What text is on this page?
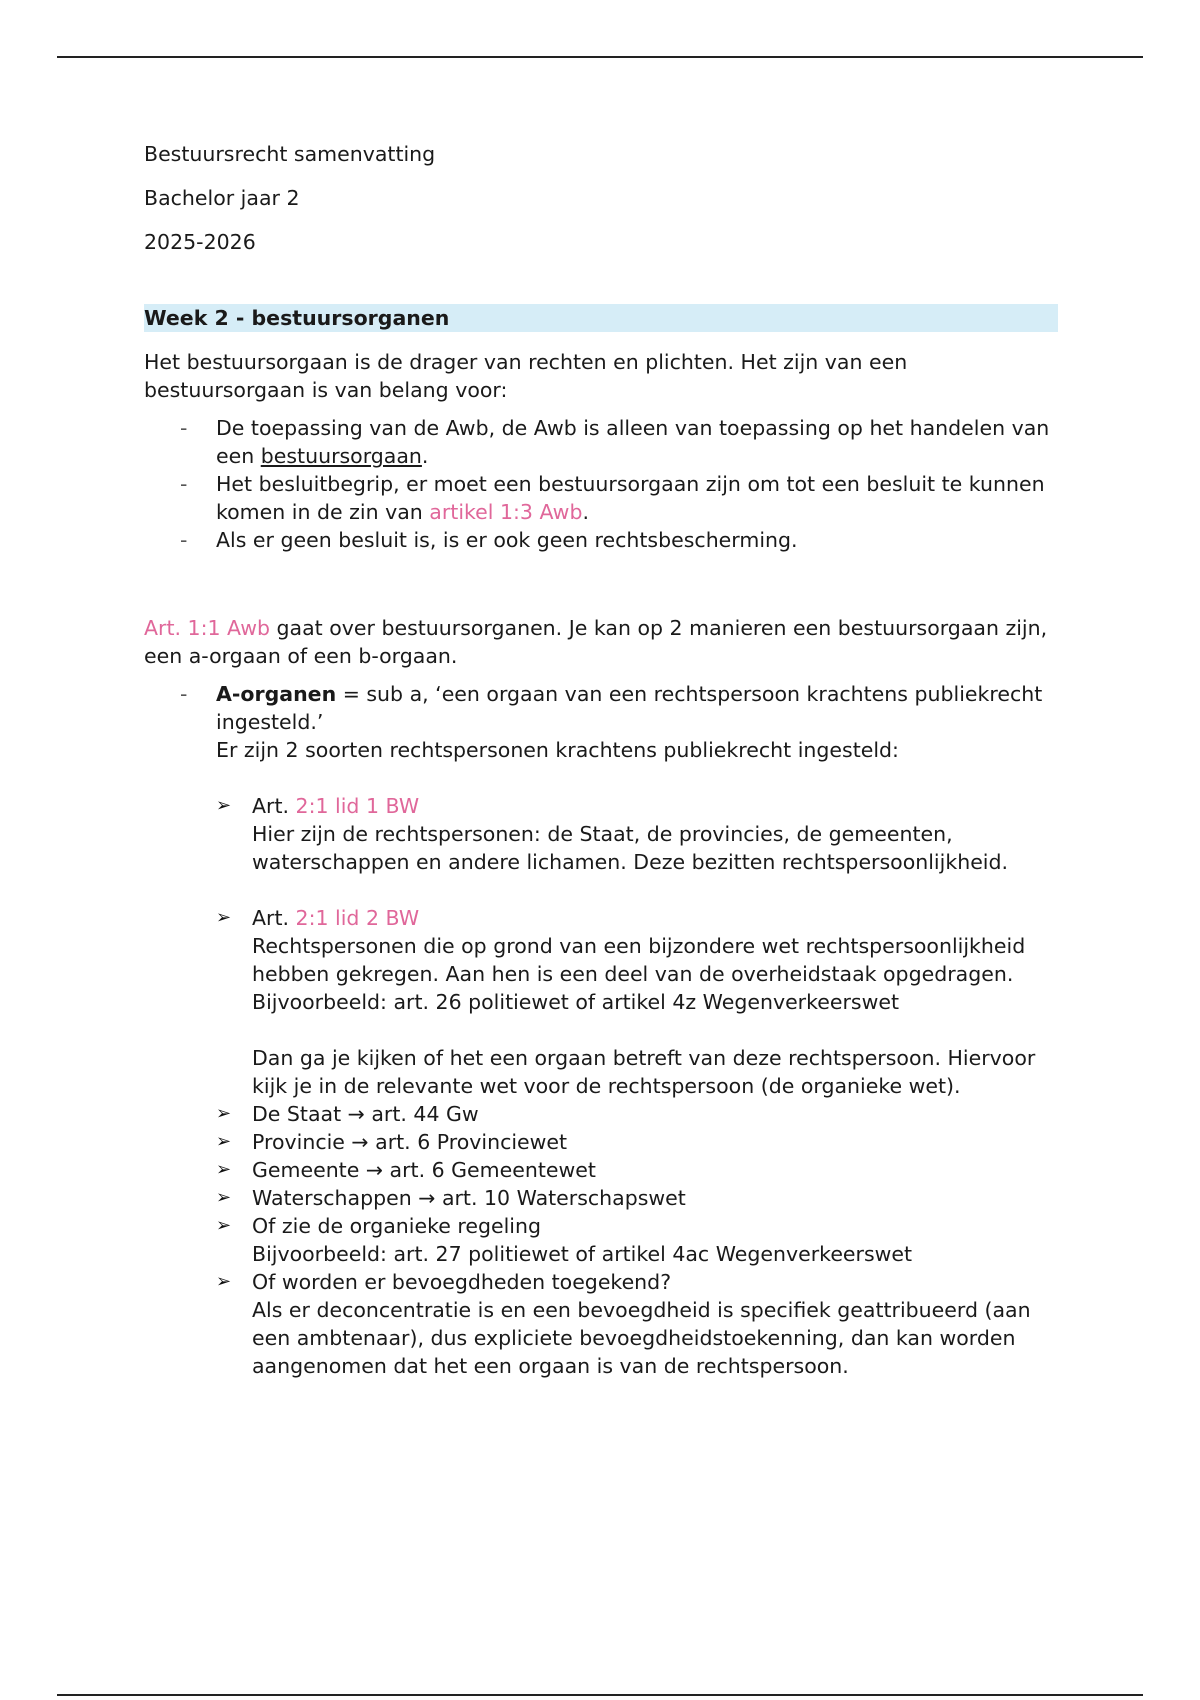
Bestuursrecht samenvatting

Bachelor jaar 2

2025-2026

Week 2 - bestuursorganen

Het bestuursorgaan is de drager van rechten en plichten. Het zijn van een bestuursorgaan is van belang voor:

- De toepassing van de Awb, de Awb is alleen van toepassing op het handelen van een bestuursorgaan.
- Het besluitbegrip, er moet een bestuursorgaan zijn om tot een besluit te kunnen komen in de zin van artikel 1:3 Awb.
- Als er geen besluit is, is er ook geen rechtsbescherming.

Art. 1:1 Awb gaat over bestuursorganen. Je kan op 2 manieren een bestuursorgaan zijn, een a-orgaan of een b-orgaan.

- A-organen = sub a, ‘een orgaan van een rechtspersoon krachtens publiekrecht ingesteld.’
Er zijn 2 soorten rechtspersonen krachtens publiekrecht ingesteld:
➢ Art. 2:1 lid 1 BW
Hier zijn de rechtspersonen: de Staat, de provincies, de gemeenten, waterschappen en andere lichamen. Deze bezitten rechtspersoonlijkheid.
➢ Art. 2:1 lid 2 BW
Rechtspersonen die op grond van een bijzondere wet rechtspersoonlijkheid hebben gekregen. Aan hen is een deel van de overheidstaak opgedragen.
Bijvoorbeeld: art. 26 politiewet of artikel 4z Wegenverkeerswet
Dan ga je kijken of het een orgaan betreft van deze rechtspersoon. Hiervoor kijk je in de relevante wet voor de rechtspersoon (de organieke wet).
➢ De Staat → art. 44 Gw
➢ Provincie → art. 6 Provinciewet
➢ Gemeente → art. 6 Gemeentewet
➢ Waterschappen → art. 10 Waterschapswet
➢ Of zie de organieke regeling
Bijvoorbeeld: art. 27 politiewet of artikel 4ac Wegenverkeerswet
➢ Of worden er bevoegdheden toegekend?
Als er deconcentratie is en een bevoegdheid is specifiek geattribueerd (aan een ambtenaar), dus expliciete bevoegdheidstoekenning, dan kan worden aangenomen dat het een orgaan is van de rechtspersoon.
